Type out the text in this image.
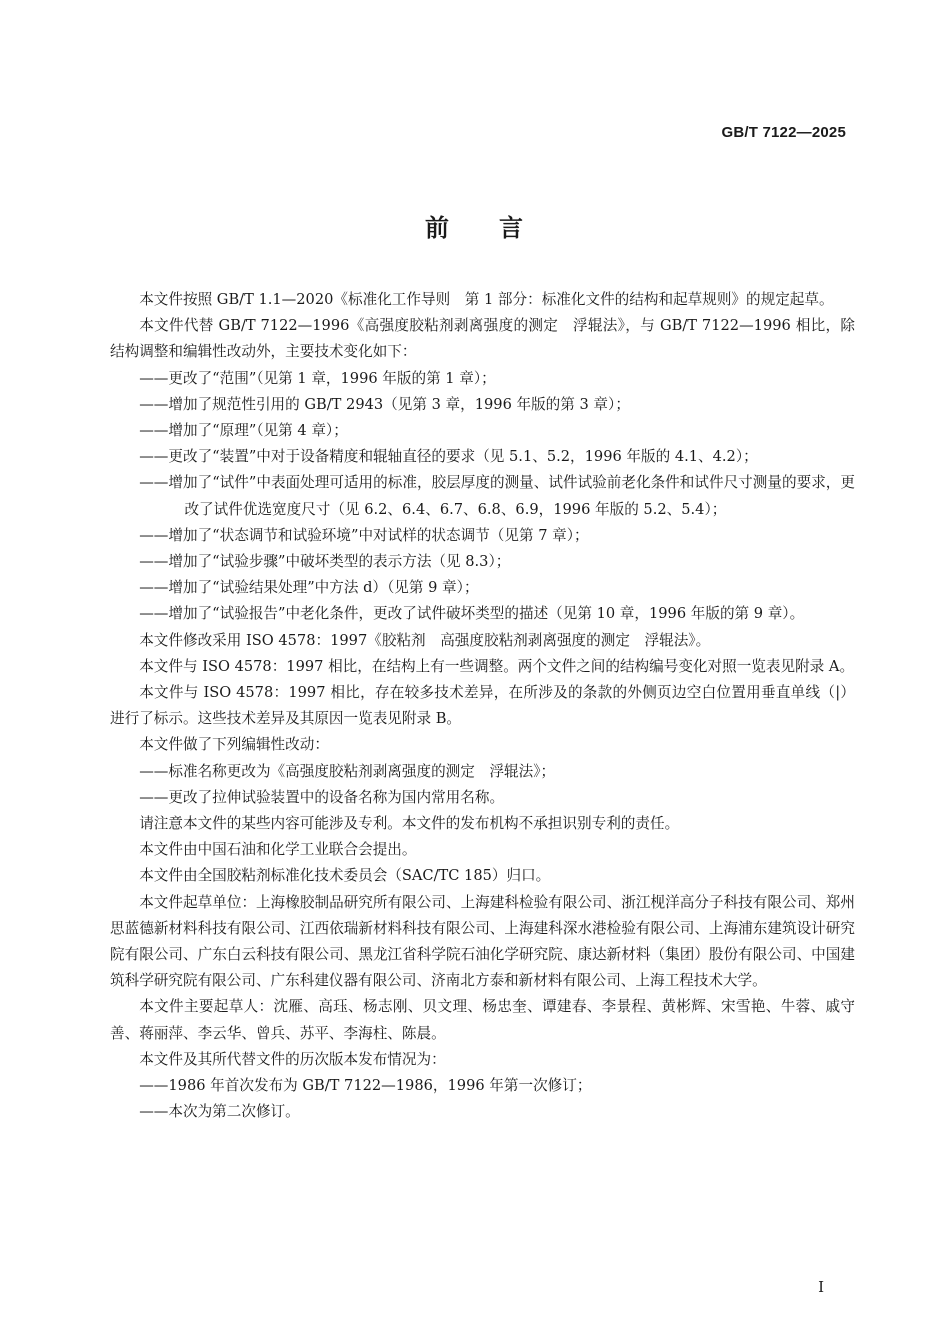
GB/T 7122—2025
前 言

本文件按照 GB/T 1.1—2020《标准化工作导则　第 1 部分：标准化文件的结构和起草规则》的规定起草。

本文件代替 GB/T 7122—1996《高强度胶粘剂剥离强度的测定　浮辊法》，与 GB/T 7122—1996 相比，除结构调整和编辑性改动外，主要技术变化如下：

——更改了“范围”（见第 1 章，1996 年版的第 1 章）；

——增加了规范性引用的 GB/T 2943（见第 3 章，1996 年版的第 3 章）；

——增加了“原理”（见第 4 章）；

——更改了“装置”中对于设备精度和辊轴直径的要求（见 5.1、5.2，1996 年版的 4.1、4.2）；

——增加了“试件”中表面处理可适用的标准，胶层厚度的测量、试件试验前老化条件和试件尺寸测量的要求，更改了试件优选宽度尺寸（见 6.2、6.4、6.7、6.8、6.9，1996 年版的 5.2、5.4）；

——增加了“状态调节和试验环境”中对试样的状态调节（见第 7 章）；

——增加了“试验步骤”中破坏类型的表示方法（见 8.3）；

——增加了“试验结果处理”中方法 d）（见第 9 章）；

——增加了“试验报告”中老化条件，更改了试件破坏类型的描述（见第 10 章，1996 年版的第 9 章）。

本文件修改采用 ISO 4578：1997《胶粘剂　高强度胶粘剂剥离强度的测定　浮辊法》。

本文件与 ISO 4578：1997 相比，在结构上有一些调整。两个文件之间的结构编号变化对照一览表见附录 A。

本文件与 ISO 4578：1997 相比，存在较多技术差异，在所涉及的条款的外侧页边空白位置用垂直单线（|）进行了标示。这些技术差异及其原因一览表见附录 B。

本文件做了下列编辑性改动：

——标准名称更改为《高强度胶粘剂剥离强度的测定　浮辊法》；

——更改了拉伸试验装置中的设备名称为国内常用名称。

请注意本文件的某些内容可能涉及专利。本文件的发布机构不承担识别专利的责任。

本文件由中国石油和化学工业联合会提出。

本文件由全国胶粘剂标准化技术委员会（SAC/TC 185）归口。

本文件起草单位：上海橡胶制品研究所有限公司、上海建科检验有限公司、浙江枧洋高分子科技有限公司、郑州思蓝德新材料科技有限公司、江西依瑞新材料科技有限公司、上海建科深水港检验有限公司、上海浦东建筑设计研究院有限公司、广东白云科技有限公司、黑龙江省科学院石油化学研究院、康达新材料（集团）股份有限公司、中国建筑科学研究院有限公司、广东科建仪器有限公司、济南北方泰和新材料有限公司、上海工程技术大学。

本文件主要起草人：沈雁、高珏、杨志刚、贝文理、杨忠奎、谭建春、李景程、黄彬辉、宋雪艳、牛蓉、戚守善、蒋丽萍、李云华、曾兵、苏平、李海柱、陈晨。

本文件及其所代替文件的历次版本发布情况为：

——1986 年首次发布为 GB/T 7122—1986，1996 年第一次修订；

——本次为第二次修订。

I
